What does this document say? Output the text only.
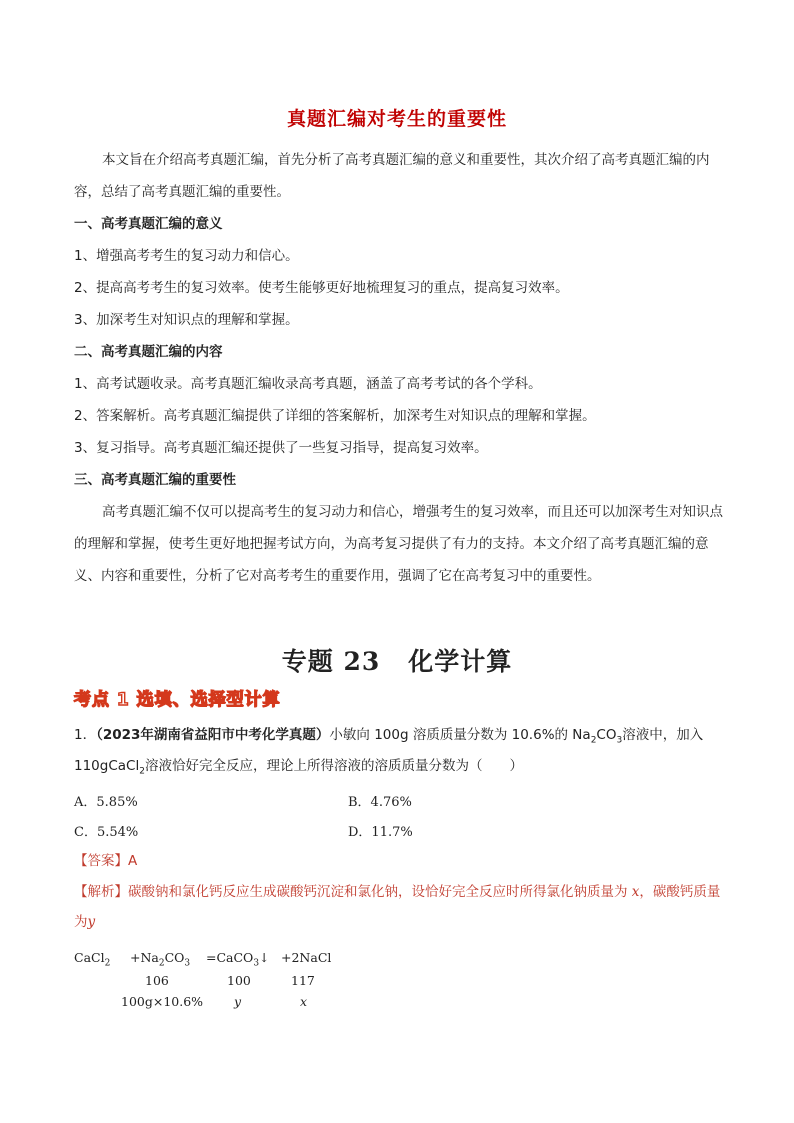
真题汇编对考生的重要性
本文旨在介绍高考真题汇编，首先分析了高考真题汇编的意义和重要性，其次介绍了高考真题汇编的内容，总结了高考真题汇编的重要性。
一、高考真题汇编的意义
1、增强高考考生的复习动力和信心。
2、提高高考考生的复习效率。使考生能够更好地梳理复习的重点，提高复习效率。
3、加深考生对知识点的理解和掌握。
二、高考真题汇编的内容
1、高考试题收录。高考真题汇编收录高考真题，涵盖了高考考试的各个学科。
2、答案解析。高考真题汇编提供了详细的答案解析，加深考生对知识点的理解和掌握。
3、复习指导。高考真题汇编还提供了一些复习指导，提高复习效率。
三、高考真题汇编的重要性
高考真题汇编不仅可以提高考生的复习动力和信心，增强考生的复习效率，而且还可以加深考生对知识点的理解和掌握，使考生更好地把握考试方向，为高考复习提供了有力的支持。本文介绍了高考真题汇编的意义、内容和重要性，分析了它对高考考生的重要作用，强调了它在高考复习中的重要性。
专题 23 化学计算
考点 1 选填、选择型计算
1．（2023年湖南省益阳市中考化学真题）小敏向 100g 溶质质量分数为 10.6%的 $Na_2CO_3$溶液中，加入
110gCaCl$_2$溶液恰好完全反应，理论上所得溶液的溶质质量分数为（　　）
A．5.85%	B．4.76%
C．5.54%	D．11.7%
【答案】A
【解析】碳酸钠和氯化钙反应生成碳酸钙沉淀和氯化钠，设恰好完全反应时所得氯化钠质量为 x，碳酸钙质量为y
CaCl$_2$ $+Na_2CO_3$ =CaCO$_3$↓ +2NaCl
106	100	117
100g×10.6% y	x
